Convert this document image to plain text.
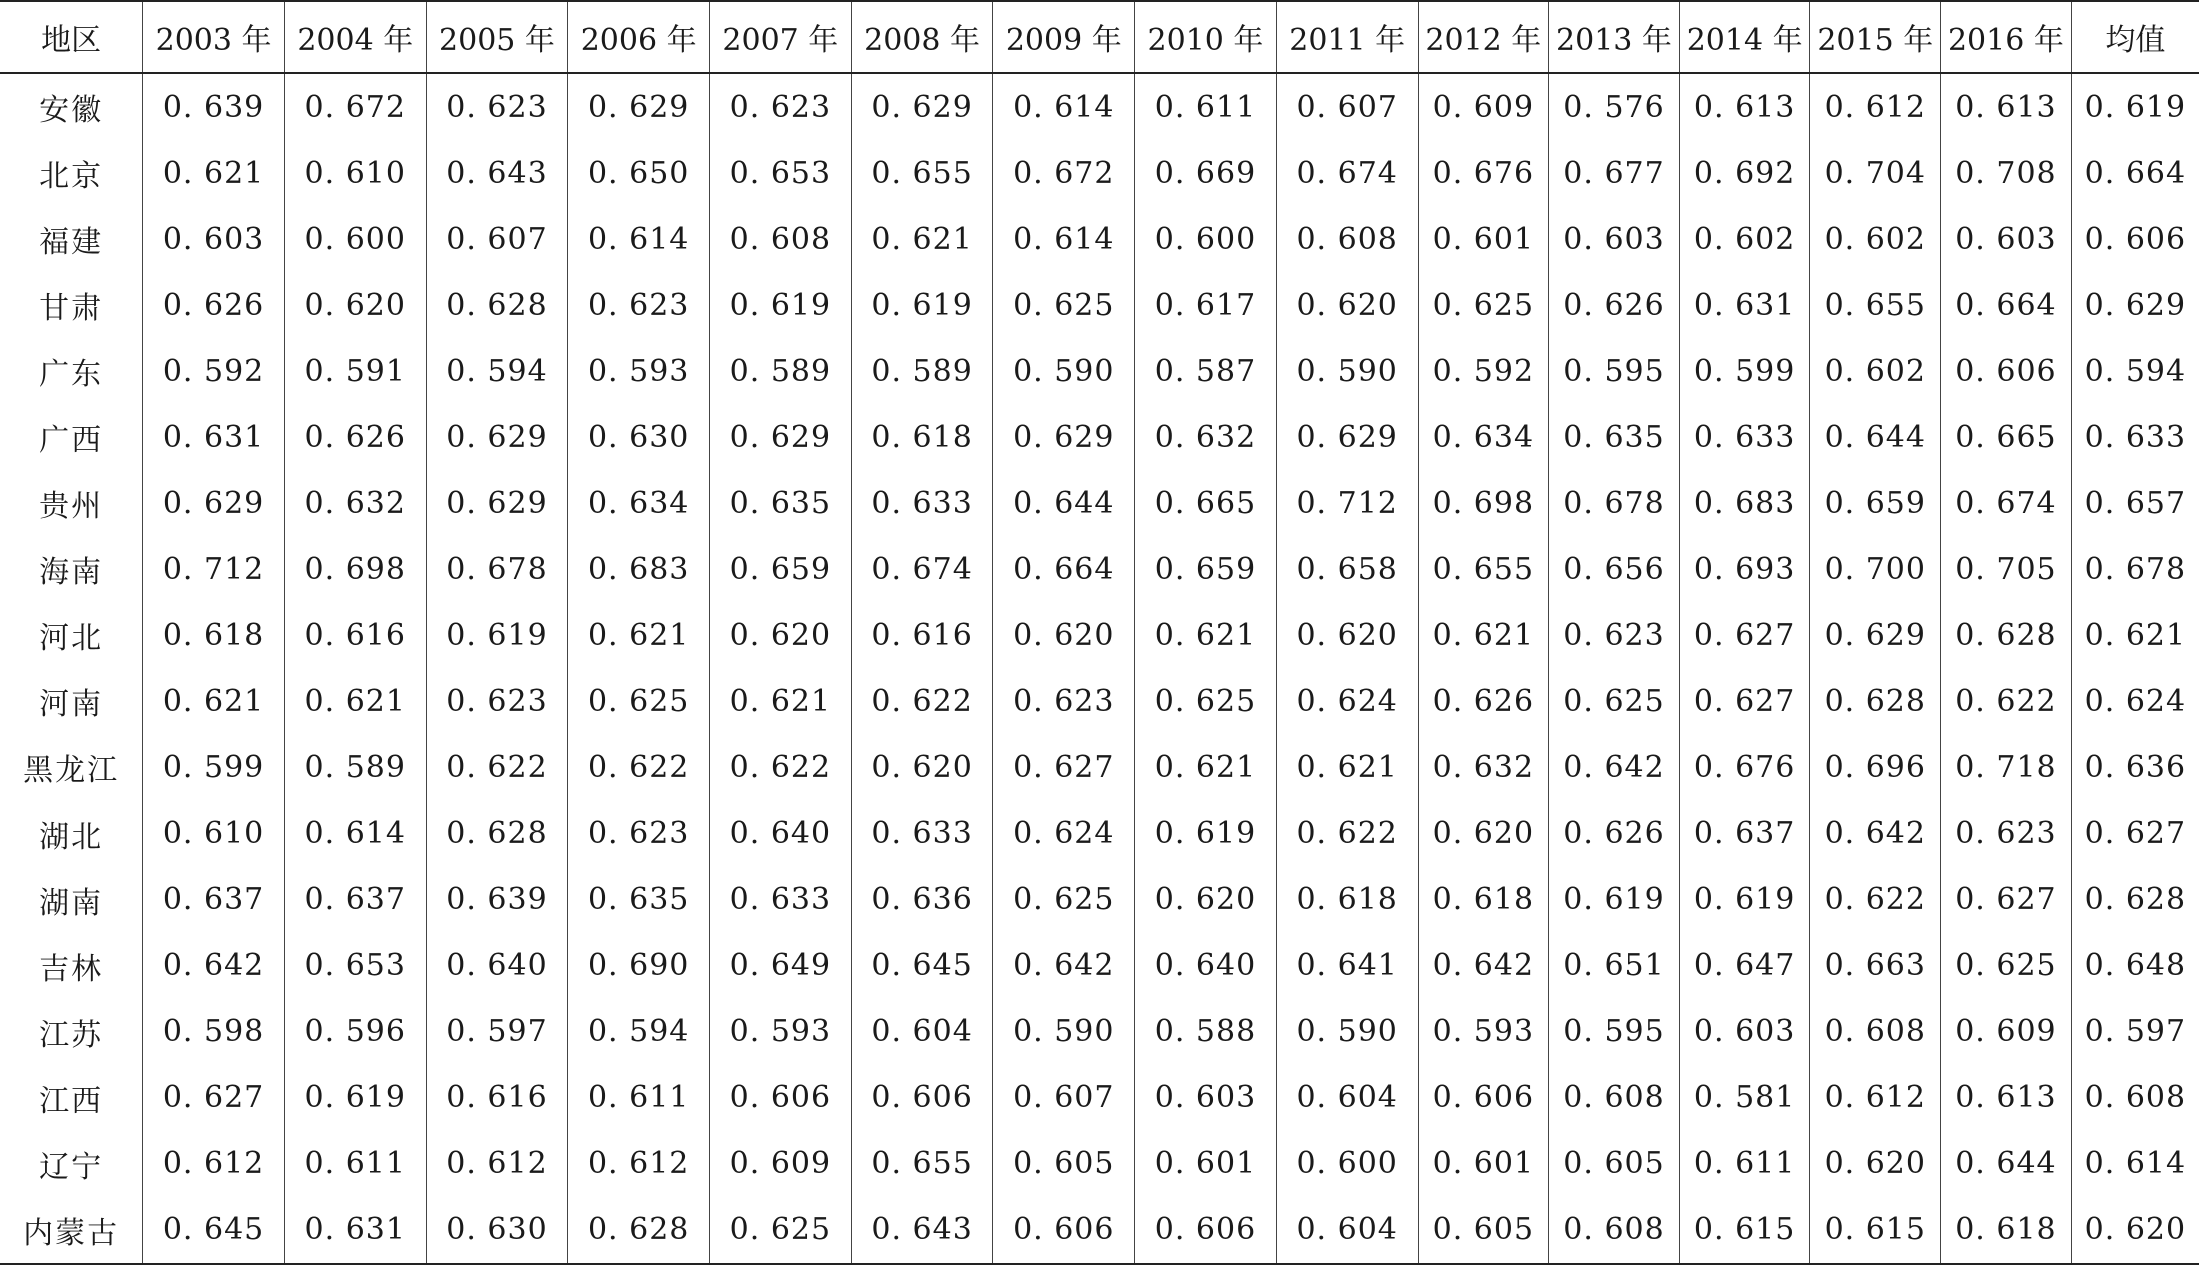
地区	2003 年	2004 年	2005 年	2006 年	2007 年	2008 年	2009 年	2010 年	2011 年	2012 年	2013 年	2014 年	2015 年	2016 年	均值
安徽	0. 639	0. 672	0. 623	0. 629	0. 623	0. 629	0. 614	0. 611	0. 607	0. 609	0. 576	0. 613	0. 612	0. 613	0. 619
北京	0. 621	0. 610	0. 643	0. 650	0. 653	0. 655	0. 672	0. 669	0. 674	0. 676	0. 677	0. 692	0. 704	0. 708	0. 664
福建	0. 603	0. 600	0. 607	0. 614	0. 608	0. 621	0. 614	0. 600	0. 608	0. 601	0. 603	0. 602	0. 602	0. 603	0. 606
甘肃	0. 626	0. 620	0. 628	0. 623	0. 619	0. 619	0. 625	0. 617	0. 620	0. 625	0. 626	0. 631	0. 655	0. 664	0. 629
广东	0. 592	0. 591	0. 594	0. 593	0. 589	0. 589	0. 590	0. 587	0. 590	0. 592	0. 595	0. 599	0. 602	0. 606	0. 594
广西	0. 631	0. 626	0. 629	0. 630	0. 629	0. 618	0. 629	0. 632	0. 629	0. 634	0. 635	0. 633	0. 644	0. 665	0. 633
贵州	0. 629	0. 632	0. 629	0. 634	0. 635	0. 633	0. 644	0. 665	0. 712	0. 698	0. 678	0. 683	0. 659	0. 674	0. 657
海南	0. 712	0. 698	0. 678	0. 683	0. 659	0. 674	0. 664	0. 659	0. 658	0. 655	0. 656	0. 693	0. 700	0. 705	0. 678
河北	0. 618	0. 616	0. 619	0. 621	0. 620	0. 616	0. 620	0. 621	0. 620	0. 621	0. 623	0. 627	0. 629	0. 628	0. 621
河南	0. 621	0. 621	0. 623	0. 625	0. 621	0. 622	0. 623	0. 625	0. 624	0. 626	0. 625	0. 627	0. 628	0. 622	0. 624
黑龙江	0. 599	0. 589	0. 622	0. 622	0. 622	0. 620	0. 627	0. 621	0. 621	0. 632	0. 642	0. 676	0. 696	0. 718	0. 636
湖北	0. 610	0. 614	0. 628	0. 623	0. 640	0. 633	0. 624	0. 619	0. 622	0. 620	0. 626	0. 637	0. 642	0. 623	0. 627
湖南	0. 637	0. 637	0. 639	0. 635	0. 633	0. 636	0. 625	0. 620	0. 618	0. 618	0. 619	0. 619	0. 622	0. 627	0. 628
吉林	0. 642	0. 653	0. 640	0. 690	0. 649	0. 645	0. 642	0. 640	0. 641	0. 642	0. 651	0. 647	0. 663	0. 625	0. 648
江苏	0. 598	0. 596	0. 597	0. 594	0. 593	0. 604	0. 590	0. 588	0. 590	0. 593	0. 595	0. 603	0. 608	0. 609	0. 597
江西	0. 627	0. 619	0. 616	0. 611	0. 606	0. 606	0. 607	0. 603	0. 604	0. 606	0. 608	0. 581	0. 612	0. 613	0. 608
辽宁	0. 612	0. 611	0. 612	0. 612	0. 609	0. 655	0. 605	0. 601	0. 600	0. 601	0. 605	0. 611	0. 620	0. 644	0. 614
内蒙古	0. 645	0. 631	0. 630	0. 628	0. 625	0. 643	0. 606	0. 606	0. 604	0. 605	0. 608	0. 615	0. 615	0. 618	0. 620
